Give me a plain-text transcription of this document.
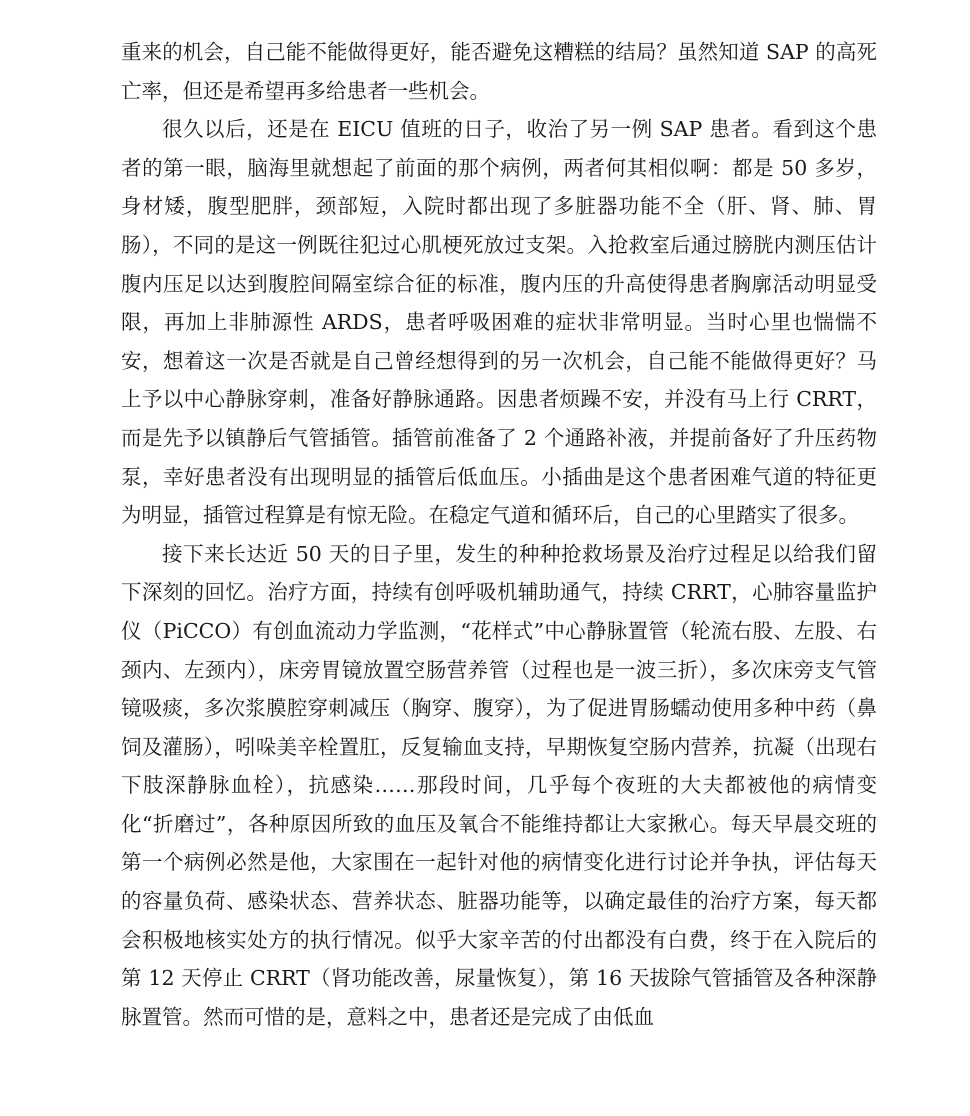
重来的机会，自己能不能做得更好，能否避免这糟糕的结局？虽然知道 SAP 的高死亡率，但还是希望再多给患者一些机会。

很久以后，还是在 EICU 值班的日子，收治了另一例 SAP 患者。看到这个患者的第一眼，脑海里就想起了前面的那个病例，两者何其相似啊：都是 50 多岁，身材矮，腹型肥胖，颈部短，入院时都出现了多脏器功能不全（肝、肾、肺、胃肠），不同的是这一例既往犯过心肌梗死放过支架。入抢救室后通过膀胱内测压估计腹内压足以达到腹腔间隔室综合征的标准，腹内压的升高使得患者胸廓活动明显受限，再加上非肺源性 ARDS，患者呼吸困难的症状非常明显。当时心里也惴惴不安，想着这一次是否就是自己曾经想得到的另一次机会，自己能不能做得更好？马上予以中心静脉穿刺，准备好静脉通路。因患者烦躁不安，并没有马上行 CRRT，而是先予以镇静后气管插管。插管前准备了 2 个通路补液，并提前备好了升压药物泵，幸好患者没有出现明显的插管后低血压。小插曲是这个患者困难气道的特征更为明显，插管过程算是有惊无险。在稳定气道和循环后，自己的心里踏实了很多。

接下来长达近 50 天的日子里，发生的种种抢救场景及治疗过程足以给我们留下深刻的回忆。治疗方面，持续有创呼吸机辅助通气，持续 CRRT，心肺容量监护仪（PiCCO）有创血流动力学监测，“花样式”中心静脉置管（轮流右股、左股、右颈内、左颈内），床旁胃镜放置空肠营养管（过程也是一波三折），多次床旁支气管镜吸痰，多次浆膜腔穿刺减压（胸穿、腹穿），为了促进胃肠蠕动使用多种中药（鼻饲及灌肠），吲哚美辛栓置肛，反复输血支持，早期恢复空肠内营养，抗凝（出现右下肢深静脉血栓），抗感染……那段时间，几乎每个夜班的大夫都被他的病情变化“折磨过”，各种原因所致的血压及氧合不能维持都让大家揪心。每天早晨交班的第一个病例必然是他，大家围在一起针对他的病情变化进行讨论并争执，评估每天的容量负荷、感染状态、营养状态、脏器功能等，以确定最佳的治疗方案，每天都会积极地核实处方的执行情况。似乎大家辛苦的付出都没有白费，终于在入院后的第 12 天停止 CRRT（肾功能改善，尿量恢复），第 16 天拔除气管插管及各种深静脉置管。然而可惜的是，意料之中，患者还是完成了由低血
